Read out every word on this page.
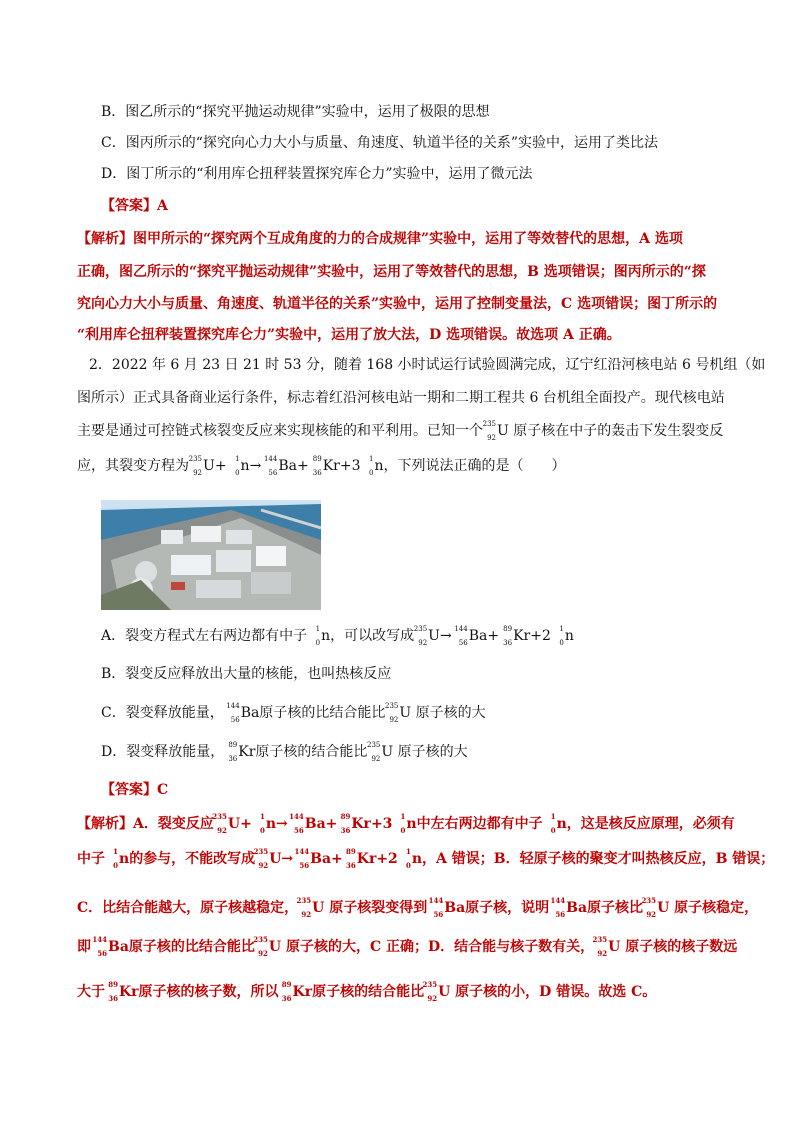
B．图乙所示的“探究平抛运动规律”实验中，运用了极限的思想
C．图丙所示的“探究向心力大小与质量、角速度、轨道半径的关系”实验中，运用了类比法
D．图丁所示的“利用库仑扭秤装置探究库仑力”实验中，运用了微元法
【答案】A
【解析】图甲所示的“探究两个互成角度的力的合成规律”实验中，运用了等效替代的思想，A 选项
正确，图乙所示的“探究平抛运动规律”实验中，运用了等效替代的思想，B 选项错误；图丙所示的“探
究向心力大小与质量、角速度、轨道半径的关系”实验中，运用了控制变量法，C 选项错误；图丁所示的
“利用库仑扭秤装置探究库仑力”实验中，运用了放大法，D 选项错误。故选项 A 正确。
2．2022 年 6 月 23 日 21 时 53 分，随着 168 小时试运行试验圆满完成，辽宁红沿河核电站 6 号机组（如
图所示）正式具备商业运行条件，标志着红沿河核电站一期和二期工程共 6 台机组全面投产。现代核电站
主要是通过可控链式核裂变反应来实现核能的和平利用。已知一个 235
92 U 原子核在中子的轰击下发生裂变反
应，其裂变方程为 235
92 U+ 1
0 n→ 144
56 Ba+ 89
36 Kr+3 1
0 n，下列说法正确的是（　　）
A．裂变方程式左右两边都有中子 1
0 n，可以改写成 235
92 U→ 144
56 Ba+ 89
36 Kr+2 1
0 n
B．裂变反应释放出大量的核能，也叫热核反应
C．裂变释放能量， 144
56 Ba原子核的比结合能比 235
92 U 原子核的大
D．裂变释放能量， 89
36 Kr原子核的结合能比 235
92 U 原子核的大
【答案】C
【解析】A．裂变反应
235
92 U+ 1
0 n→ 144
56 Ba+ 89
36 Kr+3 1
0 n中左右两边都有中子 1
0 n，这是核反应原理，必须有
中子 1
0 n的参与，不能改写成
235
92 U→ 144
56 Ba+ 89
36 Kr+2 1
0 n，A 错误；B．轻原子核的聚变才叫热核反应，B 错误；
C．比结合能越大，原子核越稳定，
235
92 U 原子核裂变得到 144
56 Ba原子核，说明 144
56 Ba原子核比
235
92 U 原子核稳定，
即 144
56 Ba原子核的比结合能比
235
92 U 原子核的大，C 正确；D．结合能与核子数有关，
235
92 U 原子核的核子数远
大于 89
36 Kr原子核的核子数，所以 89
36 Kr原子核的结合能比
235
92 U 原子核的小，D 错误。故选 C。
